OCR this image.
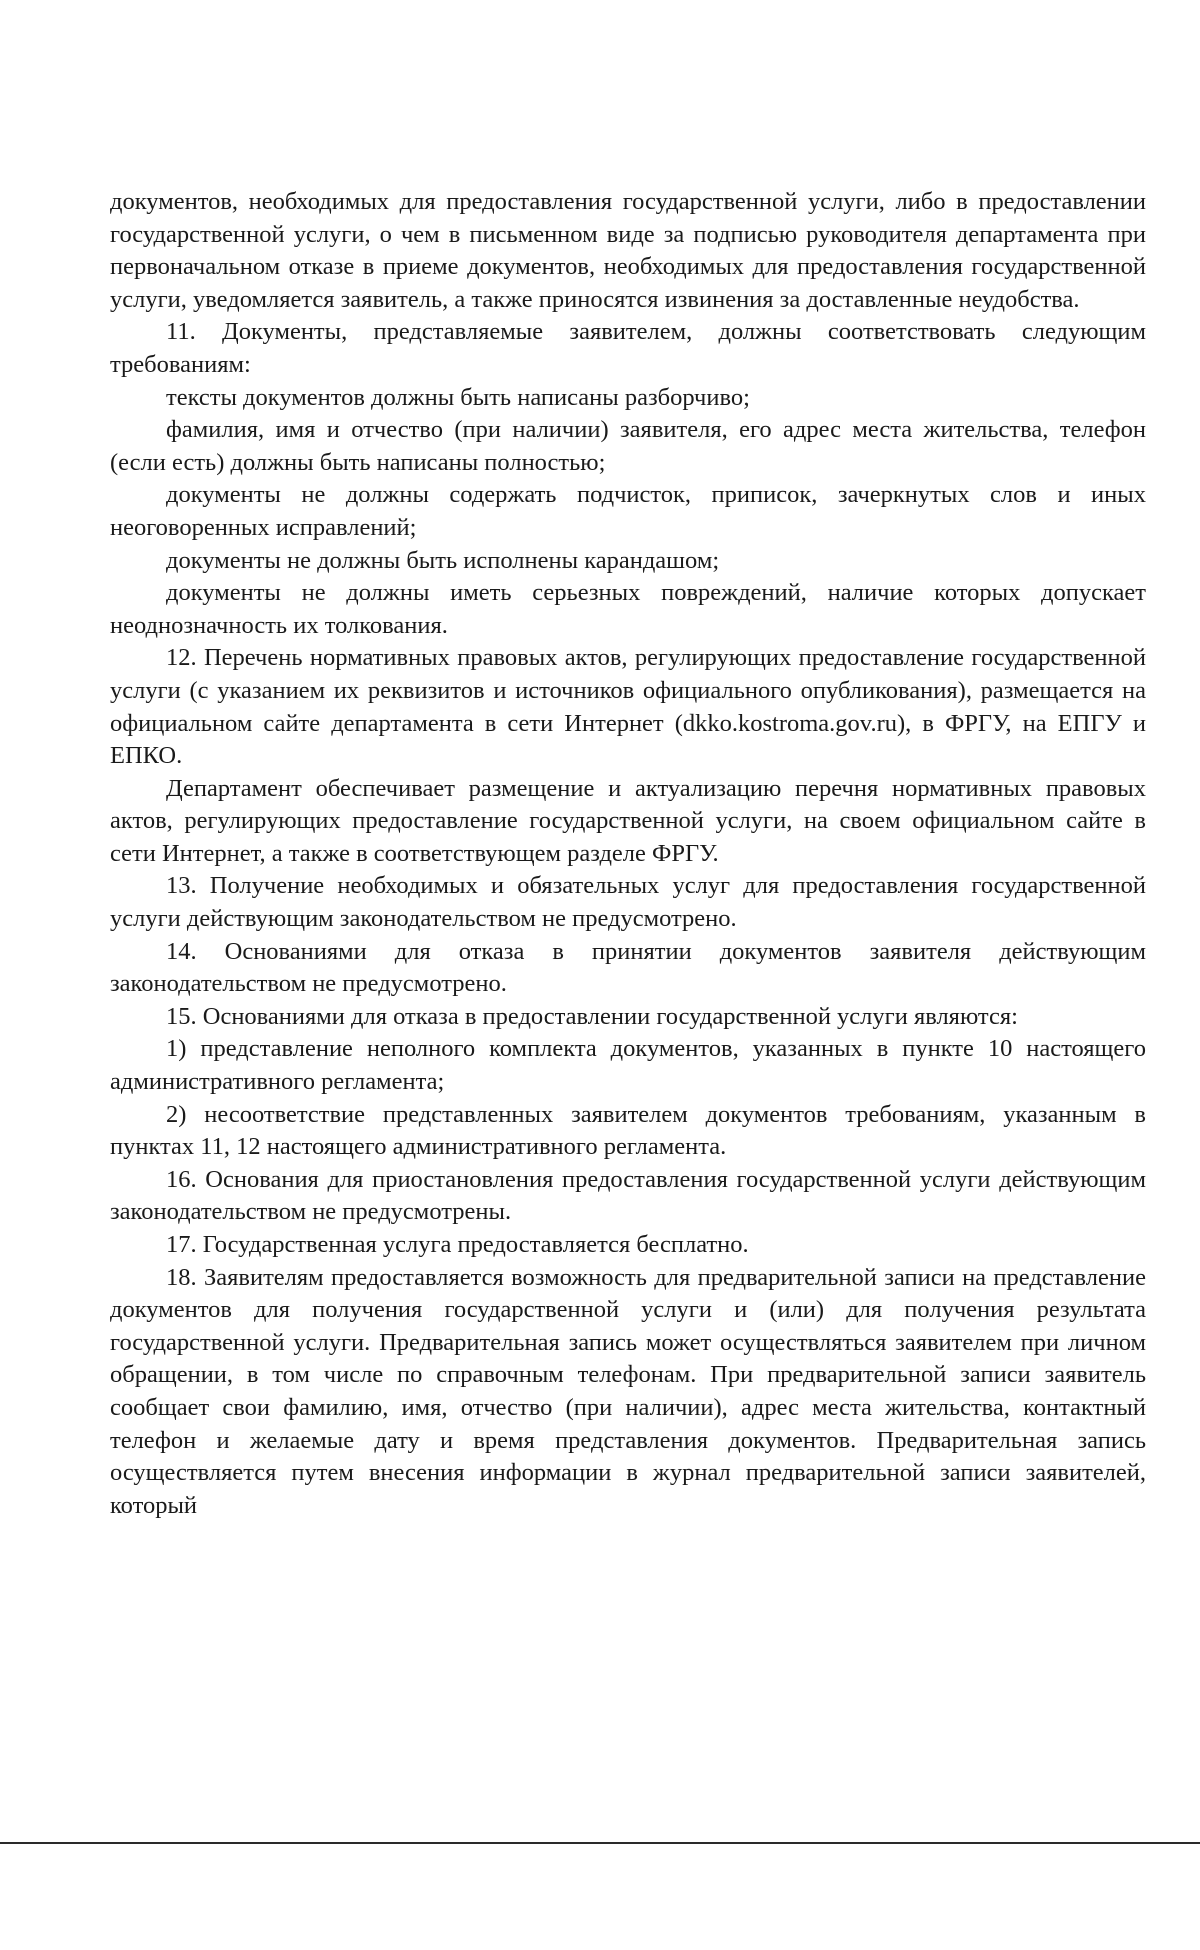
документов, необходимых для предоставления государственной услуги, либо в предоставлении государственной услуги, о чем в письменном виде за подписью руководителя департамента при первоначальном отказе в приеме документов, необходимых для предоставления государственной услуги, уведомляется заявитель, а также приносятся извинения за доставленные неудобства.

11. Документы, представляемые заявителем, должны соответствовать следующим требованиям:

тексты документов должны быть написаны разборчиво;

фамилия, имя и отчество (при наличии) заявителя, его адрес места жительства, телефон (если есть) должны быть написаны полностью;

документы не должны содержать подчисток, приписок, зачеркнутых слов и иных неоговоренных исправлений;

документы не должны быть исполнены карандашом;

документы не должны иметь серьезных повреждений, наличие которых допускает неоднозначность их толкования.

12. Перечень нормативных правовых актов, регулирующих предоставление государственной услуги (с указанием их реквизитов и источников официального опубликования), размещается на официальном сайте департамента в сети Интернет (dkko.kostroma.gov.ru), в ФРГУ, на ЕПГУ и ЕПКО.

Департамент обеспечивает размещение и актуализацию перечня нормативных правовых актов, регулирующих предоставление государственной услуги, на своем официальном сайте в сети Интернет, а также в соответствующем разделе ФРГУ.

13. Получение необходимых и обязательных услуг для предоставления государственной услуги действующим законодательством не предусмотрено.

14. Основаниями для отказа в принятии документов заявителя действующим законодательством не предусмотрено.

15. Основаниями для отказа в предоставлении государственной услуги являются:

1) представление неполного комплекта документов, указанных в пункте 10 настоящего административного регламента;

2) несоответствие представленных заявителем документов требованиям, указанным в пунктах 11, 12 настоящего административного регламента.

16. Основания для приостановления предоставления государственной услуги действующим законодательством не предусмотрены.

17. Государственная услуга предоставляется бесплатно.

18. Заявителям предоставляется возможность для предварительной записи на представление документов для получения государственной услуги и (или) для получения результата государственной услуги. Предварительная запись может осуществляться заявителем при личном обращении, в том числе по справочным телефонам. При предварительной записи заявитель сообщает свои фамилию, имя, отчество (при наличии), адрес места жительства, контактный телефон и желаемые дату и время представления документов. Предварительная запись осуществляется путем внесения информации в журнал предварительной записи заявителей, который
